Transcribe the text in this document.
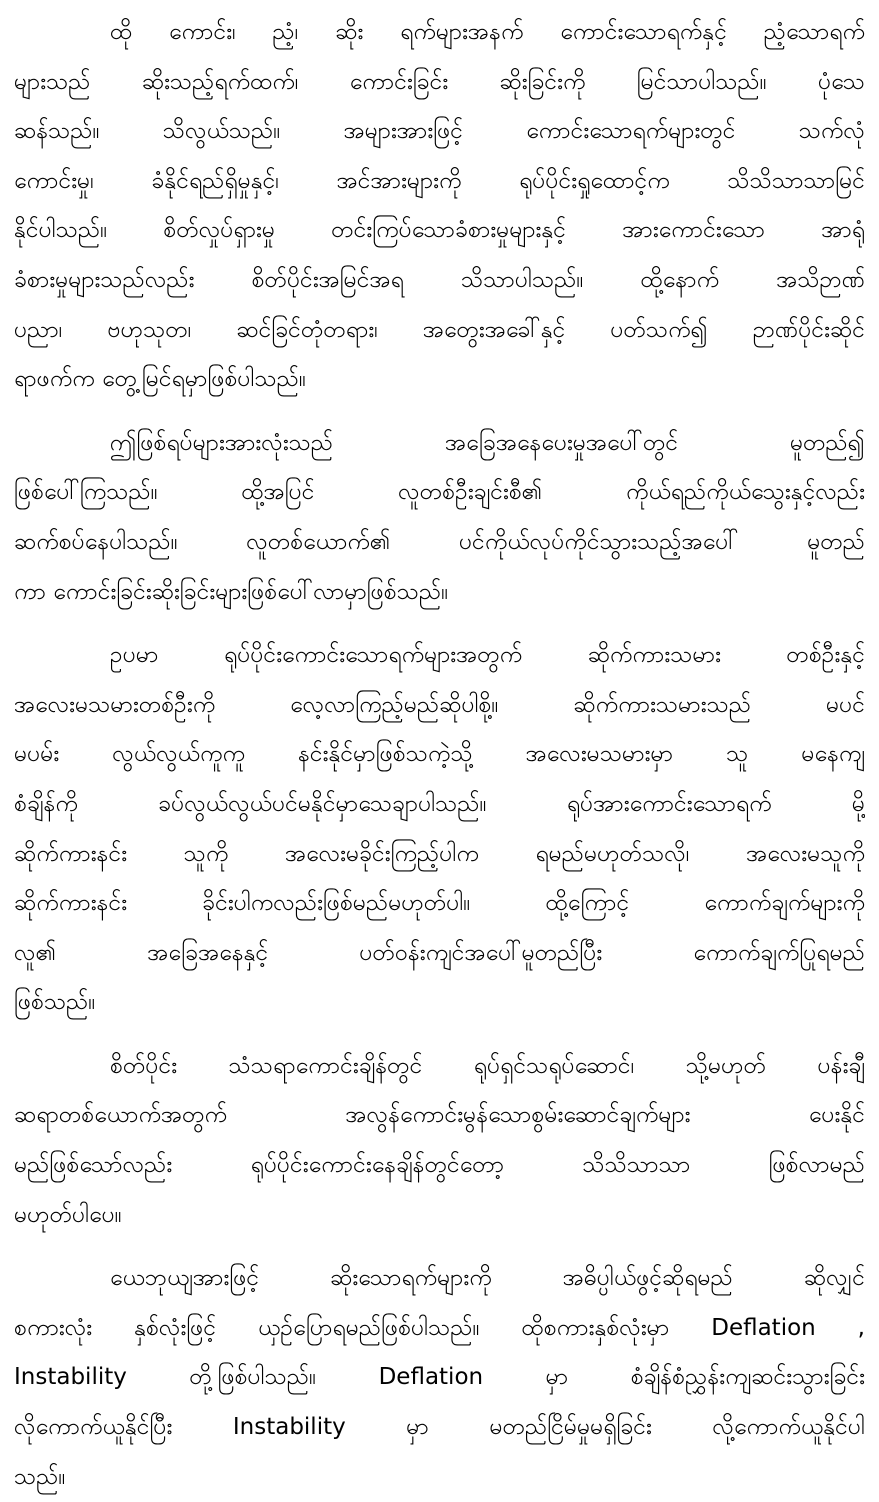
ထို ကောင်း၊ ညံ့၊ ဆိုး ရက်များအနက် ကောင်းသောရက်နှင့် ညံ့သောရက်
များသည် ဆိုးသည့်ရက်ထက်၊ ကောင်းခြင်း ဆိုးခြင်းကို မြင်သာပါသည်။ ပုံသေ
ဆန်သည်။ သိလွယ်သည်။ အများအားဖြင့် ကောင်းသောရက်များတွင် သက်လုံ
ကောင်းမှု၊ ခံနိုင်ရည်ရှိမှုနှင့်၊ အင်အားများကို ရုပ်ပိုင်းရှုထောင့်က သိသိသာသာမြင်
နိုင်ပါသည်။ စိတ်လှုပ်ရှားမှု တင်းကြပ်သောခံစားမှုများနှင့် အားကောင်းသော အာရုံ
ခံစားမှုများသည်လည်း စိတ်ပိုင်းအမြင်အရ သိသာပါသည်။ ထို့နောက် အသိဉာဏ်
ပညာ၊ ဗဟုသုတ၊ ဆင်ခြင်တုံတရား၊ အတွေးအခေါ်နှင့် ပတ်သက်၍ ဉာဏ်ပိုင်းဆိုင်
ရာဖက်က တွေ့မြင်ရမှာဖြစ်ပါသည်။
ဤဖြစ်ရပ်များအားလုံးသည် အခြေအနေပေးမှုအပေါ်တွင် မူတည်၍
ဖြစ်ပေါ်ကြသည်။ ထို့အပြင် လူတစ်ဦးချင်းစီ၏ ကိုယ်ရည်ကိုယ်သွေးနှင့်လည်း
ဆက်စပ်နေပါသည်။ လူတစ်ယောက်၏ ပင်ကိုယ်လုပ်ကိုင်သွားသည့်အပေါ် မူတည်
ကာ ကောင်းခြင်းဆိုးခြင်းများဖြစ်ပေါ်လာမှာဖြစ်သည်။
ဥပမာ ရုပ်ပိုင်းကောင်းသောရက်များအတွက် ဆိုက်ကားသမား တစ်ဦးနှင့်
အလေးမသမားတစ်ဦးကို လေ့လာကြည့်မည်ဆိုပါစို့။ ဆိုက်ကားသမားသည် မပင်
မပမ်း လွယ်လွယ်ကူကူ နင်းနိုင်မှာဖြစ်သကဲ့သို့ အလေးမသမားမှာ သူ မနေကျ
စံချိန်ကို ခပ်လွယ်လွယ်ပင်မနိုင်မှာသေချာပါသည်။ ရုပ်အားကောင်းသောရက် မို့
ဆိုက်ကားနင်း သူကို အလေးမခိုင်းကြည့်ပါက ရမည်မဟုတ်သလို၊ အလေးမသူကို
ဆိုက်ကားနင်း ခိုင်းပါကလည်းဖြစ်မည်မဟုတ်ပါ။ ထို့ကြောင့် ကောက်ချက်များကို
လူ၏ အခြေအနေနှင့် ပတ်ဝန်းကျင်အပေါ်မူတည်ပြီး ကောက်ချက်ပြုရမည်
ဖြစ်သည်။
စိတ်ပိုင်း သံသရာကောင်းချိန်တွင် ရုပ်ရှင်သရုပ်ဆောင်၊ သို့မဟုတ် ပန်းချီ
ဆရာတစ်ယောက်အတွက် အလွန်ကောင်းမွန်သောစွမ်းဆောင်ချက်များ ပေးနိုင်
မည်ဖြစ်သော်လည်း ရုပ်ပိုင်းကောင်းနေချိန်တွင်တော့ သိသိသာသာ ဖြစ်လာမည်
မဟုတ်ပါပေ။
ယေဘုယျအားဖြင့် ဆိုးသောရက်များကို အဓိပ္ပါယ်ဖွင့်ဆိုရမည် ဆိုလျှင်
စကားလုံး နှစ်လုံးဖြင့် ယှဉ်ပြောရမည်ဖြစ်ပါသည်။ ထိုစကားနှစ်လုံးမှာ Deflation ,
Instability တို့ဖြစ်ပါသည်။ Deflation မှာ စံချိန်စံညွှန်းကျဆင်းသွားခြင်း
လိုကောက်ယူနိုင်ပြီး Instability မှာ မတည်ငြိမ်မှုမရှိခြင်း လို့ကောက်ယူနိုင်ပါ
သည်။
